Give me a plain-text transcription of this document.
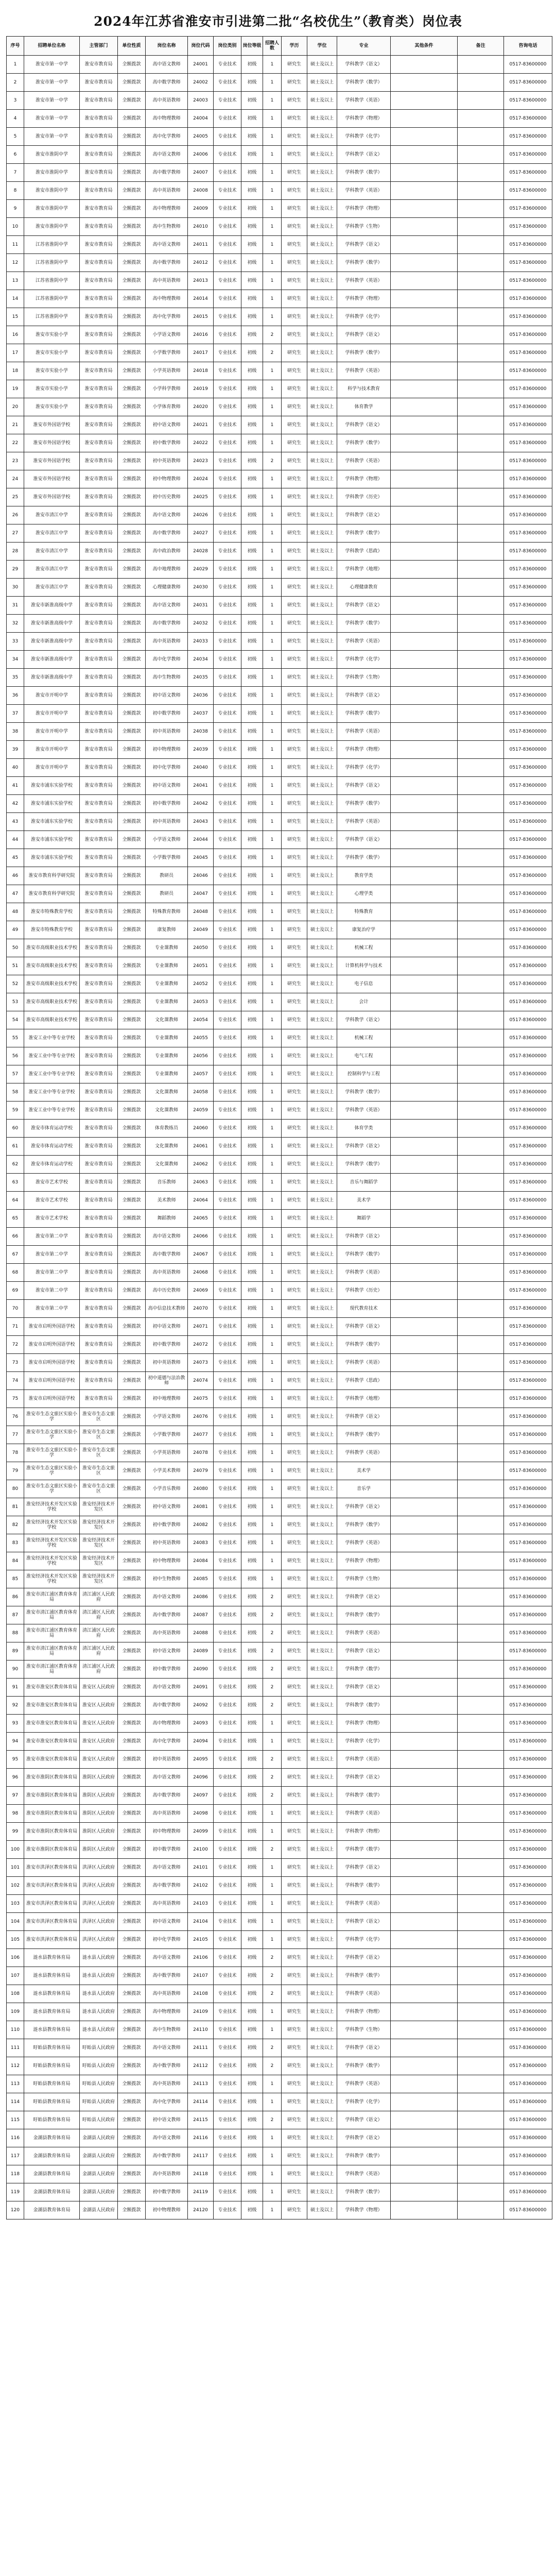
2024年江苏省淮安市引进第二批“名校优生”（教育类）岗位表
序号	招聘单位名称	主管部门	单位性质	岗位名称	岗位代码	岗位类别	岗位等级	招聘人数	学历	学位	专业	其他条件	备注	咨询电话
1	淮安市第一中学	淮安市教育局	全额拨款	高中语文教师	24001	专业技术	初级	1	研究生	硕士及以上	学科教学（语文）			0517-83600000
2	淮安市第一中学	淮安市教育局	全额拨款	高中数学教师	24002	专业技术	初级	1	研究生	硕士及以上	学科教学（数学）			0517-83600000
3	淮安市第一中学	淮安市教育局	全额拨款	高中英语教师	24003	专业技术	初级	1	研究生	硕士及以上	学科教学（英语）			0517-83600000
4	淮安市第一中学	淮安市教育局	全额拨款	高中物理教师	24004	专业技术	初级	1	研究生	硕士及以上	学科教学（物理）			0517-83600000
5	淮安市第一中学	淮安市教育局	全额拨款	高中化学教师	24005	专业技术	初级	1	研究生	硕士及以上	学科教学（化学）			0517-83600000
6	淮安市淮阴中学	淮安市教育局	全额拨款	高中语文教师	24006	专业技术	初级	1	研究生	硕士及以上	学科教学（语文）			0517-83600000
7	淮安市淮阴中学	淮安市教育局	全额拨款	高中数学教师	24007	专业技术	初级	1	研究生	硕士及以上	学科教学（数学）			0517-83600000
8	淮安市淮阴中学	淮安市教育局	全额拨款	高中英语教师	24008	专业技术	初级	1	研究生	硕士及以上	学科教学（英语）			0517-83600000
9	淮安市淮阴中学	淮安市教育局	全额拨款	高中物理教师	24009	专业技术	初级	1	研究生	硕士及以上	学科教学（物理）			0517-83600000
10	淮安市淮阴中学	淮安市教育局	全额拨款	高中生物教师	24010	专业技术	初级	1	研究生	硕士及以上	学科教学（生物）			0517-83600000
11	江苏省淮阴中学	淮安市教育局	全额拨款	高中语文教师	24011	专业技术	初级	1	研究生	硕士及以上	学科教学（语文）			0517-83600000
12	江苏省淮阴中学	淮安市教育局	全额拨款	高中数学教师	24012	专业技术	初级	1	研究生	硕士及以上	学科教学（数学）			0517-83600000
13	江苏省淮阴中学	淮安市教育局	全额拨款	高中英语教师	24013	专业技术	初级	1	研究生	硕士及以上	学科教学（英语）			0517-83600000
14	江苏省淮阴中学	淮安市教育局	全额拨款	高中物理教师	24014	专业技术	初级	1	研究生	硕士及以上	学科教学（物理）			0517-83600000
15	江苏省淮阴中学	淮安市教育局	全额拨款	高中化学教师	24015	专业技术	初级	1	研究生	硕士及以上	学科教学（化学）			0517-83600000
16	淮安市实验小学	淮安市教育局	全额拨款	小学语文教师	24016	专业技术	初级	2	研究生	硕士及以上	学科教学（语文）			0517-83600000
17	淮安市实验小学	淮安市教育局	全额拨款	小学数学教师	24017	专业技术	初级	2	研究生	硕士及以上	学科教学（数学）			0517-83600000
18	淮安市实验小学	淮安市教育局	全额拨款	小学英语教师	24018	专业技术	初级	1	研究生	硕士及以上	学科教学（英语）			0517-83600000
19	淮安市实验小学	淮安市教育局	全额拨款	小学科学教师	24019	专业技术	初级	1	研究生	硕士及以上	科学与技术教育			0517-83600000
20	淮安市实验小学	淮安市教育局	全额拨款	小学体育教师	24020	专业技术	初级	1	研究生	硕士及以上	体育教学			0517-83600000
21	淮安市外国语学校	淮安市教育局	全额拨款	初中语文教师	24021	专业技术	初级	1	研究生	硕士及以上	学科教学（语文）			0517-83600000
22	淮安市外国语学校	淮安市教育局	全额拨款	初中数学教师	24022	专业技术	初级	1	研究生	硕士及以上	学科教学（数学）			0517-83600000
23	淮安市外国语学校	淮安市教育局	全额拨款	初中英语教师	24023	专业技术	初级	2	研究生	硕士及以上	学科教学（英语）			0517-83600000
24	淮安市外国语学校	淮安市教育局	全额拨款	初中物理教师	24024	专业技术	初级	1	研究生	硕士及以上	学科教学（物理）			0517-83600000
25	淮安市外国语学校	淮安市教育局	全额拨款	初中历史教师	24025	专业技术	初级	1	研究生	硕士及以上	学科教学（历史）			0517-83600000
26	淮安市清江中学	淮安市教育局	全额拨款	高中语文教师	24026	专业技术	初级	1	研究生	硕士及以上	学科教学（语文）			0517-83600000
27	淮安市清江中学	淮安市教育局	全额拨款	高中数学教师	24027	专业技术	初级	1	研究生	硕士及以上	学科教学（数学）			0517-83600000
28	淮安市清江中学	淮安市教育局	全额拨款	高中政治教师	24028	专业技术	初级	1	研究生	硕士及以上	学科教学（思政）			0517-83600000
29	淮安市清江中学	淮安市教育局	全额拨款	高中地理教师	24029	专业技术	初级	1	研究生	硕士及以上	学科教学（地理）			0517-83600000
30	淮安市清江中学	淮安市教育局	全额拨款	心理健康教师	24030	专业技术	初级	1	研究生	硕士及以上	心理健康教育			0517-83600000
31	淮安市新淮高级中学	淮安市教育局	全额拨款	高中语文教师	24031	专业技术	初级	1	研究生	硕士及以上	学科教学（语文）			0517-83600000
32	淮安市新淮高级中学	淮安市教育局	全额拨款	高中数学教师	24032	专业技术	初级	1	研究生	硕士及以上	学科教学（数学）			0517-83600000
33	淮安市新淮高级中学	淮安市教育局	全额拨款	高中英语教师	24033	专业技术	初级	1	研究生	硕士及以上	学科教学（英语）			0517-83600000
34	淮安市新淮高级中学	淮安市教育局	全额拨款	高中化学教师	24034	专业技术	初级	1	研究生	硕士及以上	学科教学（化学）			0517-83600000
35	淮安市新淮高级中学	淮安市教育局	全额拨款	高中生物教师	24035	专业技术	初级	1	研究生	硕士及以上	学科教学（生物）			0517-83600000
36	淮安市开明中学	淮安市教育局	全额拨款	初中语文教师	24036	专业技术	初级	1	研究生	硕士及以上	学科教学（语文）			0517-83600000
37	淮安市开明中学	淮安市教育局	全额拨款	初中数学教师	24037	专业技术	初级	1	研究生	硕士及以上	学科教学（数学）			0517-83600000
38	淮安市开明中学	淮安市教育局	全额拨款	初中英语教师	24038	专业技术	初级	1	研究生	硕士及以上	学科教学（英语）			0517-83600000
39	淮安市开明中学	淮安市教育局	全额拨款	初中物理教师	24039	专业技术	初级	1	研究生	硕士及以上	学科教学（物理）			0517-83600000
40	淮安市开明中学	淮安市教育局	全额拨款	初中化学教师	24040	专业技术	初级	1	研究生	硕士及以上	学科教学（化学）			0517-83600000
41	淮安市浦东实验学校	淮安市教育局	全额拨款	初中语文教师	24041	专业技术	初级	1	研究生	硕士及以上	学科教学（语文）			0517-83600000
42	淮安市浦东实验学校	淮安市教育局	全额拨款	初中数学教师	24042	专业技术	初级	1	研究生	硕士及以上	学科教学（数学）			0517-83600000
43	淮安市浦东实验学校	淮安市教育局	全额拨款	初中英语教师	24043	专业技术	初级	1	研究生	硕士及以上	学科教学（英语）			0517-83600000
44	淮安市浦东实验学校	淮安市教育局	全额拨款	小学语文教师	24044	专业技术	初级	1	研究生	硕士及以上	学科教学（语文）			0517-83600000
45	淮安市浦东实验学校	淮安市教育局	全额拨款	小学数学教师	24045	专业技术	初级	1	研究生	硕士及以上	学科教学（数学）			0517-83600000
46	淮安市教育科学研究院	淮安市教育局	全额拨款	教研员	24046	专业技术	初级	1	研究生	硕士及以上	教育学类			0517-83600000
47	淮安市教育科学研究院	淮安市教育局	全额拨款	教研员	24047	专业技术	初级	1	研究生	硕士及以上	心理学类			0517-83600000
48	淮安市特殊教育学校	淮安市教育局	全额拨款	特殊教育教师	24048	专业技术	初级	1	研究生	硕士及以上	特殊教育			0517-83600000
49	淮安市特殊教育学校	淮安市教育局	全额拨款	康复教师	24049	专业技术	初级	1	研究生	硕士及以上	康复治疗学			0517-83600000
50	淮安市高级职业技术学校	淮安市教育局	全额拨款	专业课教师	24050	专业技术	初级	1	研究生	硕士及以上	机械工程			0517-83600000
51	淮安市高级职业技术学校	淮安市教育局	全额拨款	专业课教师	24051	专业技术	初级	1	研究生	硕士及以上	计算机科学与技术			0517-83600000
52	淮安市高级职业技术学校	淮安市教育局	全额拨款	专业课教师	24052	专业技术	初级	1	研究生	硕士及以上	电子信息			0517-83600000
53	淮安市高级职业技术学校	淮安市教育局	全额拨款	专业课教师	24053	专业技术	初级	1	研究生	硕士及以上	会计			0517-83600000
54	淮安市高级职业技术学校	淮安市教育局	全额拨款	文化课教师	24054	专业技术	初级	1	研究生	硕士及以上	学科教学（语文）			0517-83600000
55	淮安工业中等专业学校	淮安市教育局	全额拨款	专业课教师	24055	专业技术	初级	1	研究生	硕士及以上	机械工程			0517-83600000
56	淮安工业中等专业学校	淮安市教育局	全额拨款	专业课教师	24056	专业技术	初级	1	研究生	硕士及以上	电气工程			0517-83600000
57	淮安工业中等专业学校	淮安市教育局	全额拨款	专业课教师	24057	专业技术	初级	1	研究生	硕士及以上	控制科学与工程			0517-83600000
58	淮安工业中等专业学校	淮安市教育局	全额拨款	文化课教师	24058	专业技术	初级	1	研究生	硕士及以上	学科教学（数学）			0517-83600000
59	淮安工业中等专业学校	淮安市教育局	全额拨款	文化课教师	24059	专业技术	初级	1	研究生	硕士及以上	学科教学（英语）			0517-83600000
60	淮安市体育运动学校	淮安市教育局	全额拨款	体育教练员	24060	专业技术	初级	1	研究生	硕士及以上	体育学类			0517-83600000
61	淮安市体育运动学校	淮安市教育局	全额拨款	文化课教师	24061	专业技术	初级	1	研究生	硕士及以上	学科教学（语文）			0517-83600000
62	淮安市体育运动学校	淮安市教育局	全额拨款	文化课教师	24062	专业技术	初级	1	研究生	硕士及以上	学科教学（数学）			0517-83600000
63	淮安市艺术学校	淮安市教育局	全额拨款	音乐教师	24063	专业技术	初级	1	研究生	硕士及以上	音乐与舞蹈学			0517-83600000
64	淮安市艺术学校	淮安市教育局	全额拨款	美术教师	24064	专业技术	初级	1	研究生	硕士及以上	美术学			0517-83600000
65	淮安市艺术学校	淮安市教育局	全额拨款	舞蹈教师	24065	专业技术	初级	1	研究生	硕士及以上	舞蹈学			0517-83600000
66	淮安市第二中学	淮安市教育局	全额拨款	高中语文教师	24066	专业技术	初级	1	研究生	硕士及以上	学科教学（语文）			0517-83600000
67	淮安市第二中学	淮安市教育局	全额拨款	高中数学教师	24067	专业技术	初级	1	研究生	硕士及以上	学科教学（数学）			0517-83600000
68	淮安市第二中学	淮安市教育局	全额拨款	高中英语教师	24068	专业技术	初级	1	研究生	硕士及以上	学科教学（英语）			0517-83600000
69	淮安市第二中学	淮安市教育局	全额拨款	高中历史教师	24069	专业技术	初级	1	研究生	硕士及以上	学科教学（历史）			0517-83600000
70	淮安市第二中学	淮安市教育局	全额拨款	高中信息技术教师	24070	专业技术	初级	1	研究生	硕士及以上	现代教育技术			0517-83600000
71	淮安市启明外国语学校	淮安市教育局	全额拨款	初中语文教师	24071	专业技术	初级	1	研究生	硕士及以上	学科教学（语文）			0517-83600000
72	淮安市启明外国语学校	淮安市教育局	全额拨款	初中数学教师	24072	专业技术	初级	1	研究生	硕士及以上	学科教学（数学）			0517-83600000
73	淮安市启明外国语学校	淮安市教育局	全额拨款	初中英语教师	24073	专业技术	初级	1	研究生	硕士及以上	学科教学（英语）			0517-83600000
74	淮安市启明外国语学校	淮安市教育局	全额拨款	初中道德与法治教师	24074	专业技术	初级	1	研究生	硕士及以上	学科教学（思政）			0517-83600000
75	淮安市启明外国语学校	淮安市教育局	全额拨款	初中地理教师	24075	专业技术	初级	1	研究生	硕士及以上	学科教学（地理）			0517-83600000
76	淮安市生态文旅区实验小学	淮安市生态文旅区	全额拨款	小学语文教师	24076	专业技术	初级	1	研究生	硕士及以上	学科教学（语文）			0517-83600000
77	淮安市生态文旅区实验小学	淮安市生态文旅区	全额拨款	小学数学教师	24077	专业技术	初级	1	研究生	硕士及以上	学科教学（数学）			0517-83600000
78	淮安市生态文旅区实验小学	淮安市生态文旅区	全额拨款	小学英语教师	24078	专业技术	初级	1	研究生	硕士及以上	学科教学（英语）			0517-83600000
79	淮安市生态文旅区实验小学	淮安市生态文旅区	全额拨款	小学美术教师	24079	专业技术	初级	1	研究生	硕士及以上	美术学			0517-83600000
80	淮安市生态文旅区实验小学	淮安市生态文旅区	全额拨款	小学音乐教师	24080	专业技术	初级	1	研究生	硕士及以上	音乐学			0517-83600000
81	淮安经济技术开发区实验学校	淮安经济技术开发区	全额拨款	初中语文教师	24081	专业技术	初级	1	研究生	硕士及以上	学科教学（语文）			0517-83600000
82	淮安经济技术开发区实验学校	淮安经济技术开发区	全额拨款	初中数学教师	24082	专业技术	初级	1	研究生	硕士及以上	学科教学（数学）			0517-83600000
83	淮安经济技术开发区实验学校	淮安经济技术开发区	全额拨款	初中英语教师	24083	专业技术	初级	1	研究生	硕士及以上	学科教学（英语）			0517-83600000
84	淮安经济技术开发区实验学校	淮安经济技术开发区	全额拨款	初中物理教师	24084	专业技术	初级	1	研究生	硕士及以上	学科教学（物理）			0517-83600000
85	淮安经济技术开发区实验学校	淮安经济技术开发区	全额拨款	初中生物教师	24085	专业技术	初级	1	研究生	硕士及以上	学科教学（生物）			0517-83600000
86	淮安市清江浦区教育体育局	清江浦区人民政府	全额拨款	高中语文教师	24086	专业技术	初级	2	研究生	硕士及以上	学科教学（语文）			0517-83600000
87	淮安市清江浦区教育体育局	清江浦区人民政府	全额拨款	高中数学教师	24087	专业技术	初级	2	研究生	硕士及以上	学科教学（数学）			0517-83600000
88	淮安市清江浦区教育体育局	清江浦区人民政府	全额拨款	高中英语教师	24088	专业技术	初级	2	研究生	硕士及以上	学科教学（英语）			0517-83600000
89	淮安市清江浦区教育体育局	清江浦区人民政府	全额拨款	初中语文教师	24089	专业技术	初级	2	研究生	硕士及以上	学科教学（语文）			0517-83600000
90	淮安市清江浦区教育体育局	清江浦区人民政府	全额拨款	初中数学教师	24090	专业技术	初级	2	研究生	硕士及以上	学科教学（数学）			0517-83600000
91	淮安市淮安区教育体育局	淮安区人民政府	全额拨款	高中语文教师	24091	专业技术	初级	2	研究生	硕士及以上	学科教学（语文）			0517-83600000
92	淮安市淮安区教育体育局	淮安区人民政府	全额拨款	高中数学教师	24092	专业技术	初级	2	研究生	硕士及以上	学科教学（数学）			0517-83600000
93	淮安市淮安区教育体育局	淮安区人民政府	全额拨款	高中物理教师	24093	专业技术	初级	1	研究生	硕士及以上	学科教学（物理）			0517-83600000
94	淮安市淮安区教育体育局	淮安区人民政府	全额拨款	高中化学教师	24094	专业技术	初级	1	研究生	硕士及以上	学科教学（化学）			0517-83600000
95	淮安市淮安区教育体育局	淮安区人民政府	全额拨款	初中英语教师	24095	专业技术	初级	2	研究生	硕士及以上	学科教学（英语）			0517-83600000
96	淮安市淮阴区教育体育局	淮阴区人民政府	全额拨款	高中语文教师	24096	专业技术	初级	2	研究生	硕士及以上	学科教学（语文）			0517-83600000
97	淮安市淮阴区教育体育局	淮阴区人民政府	全额拨款	高中数学教师	24097	专业技术	初级	2	研究生	硕士及以上	学科教学（数学）			0517-83600000
98	淮安市淮阴区教育体育局	淮阴区人民政府	全额拨款	高中英语教师	24098	专业技术	初级	1	研究生	硕士及以上	学科教学（英语）			0517-83600000
99	淮安市淮阴区教育体育局	淮阴区人民政府	全额拨款	初中物理教师	24099	专业技术	初级	1	研究生	硕士及以上	学科教学（物理）			0517-83600000
100	淮安市淮阴区教育体育局	淮阴区人民政府	全额拨款	初中数学教师	24100	专业技术	初级	2	研究生	硕士及以上	学科教学（数学）			0517-83600000
101	淮安市洪泽区教育体育局	洪泽区人民政府	全额拨款	高中语文教师	24101	专业技术	初级	1	研究生	硕士及以上	学科教学（语文）			0517-83600000
102	淮安市洪泽区教育体育局	洪泽区人民政府	全额拨款	高中数学教师	24102	专业技术	初级	1	研究生	硕士及以上	学科教学（数学）			0517-83600000
103	淮安市洪泽区教育体育局	洪泽区人民政府	全额拨款	高中英语教师	24103	专业技术	初级	1	研究生	硕士及以上	学科教学（英语）			0517-83600000
104	淮安市洪泽区教育体育局	洪泽区人民政府	全额拨款	初中语文教师	24104	专业技术	初级	1	研究生	硕士及以上	学科教学（语文）			0517-83600000
105	淮安市洪泽区教育体育局	洪泽区人民政府	全额拨款	初中化学教师	24105	专业技术	初级	1	研究生	硕士及以上	学科教学（化学）			0517-83600000
106	涟水县教育体育局	涟水县人民政府	全额拨款	高中语文教师	24106	专业技术	初级	2	研究生	硕士及以上	学科教学（语文）			0517-83600000
107	涟水县教育体育局	涟水县人民政府	全额拨款	高中数学教师	24107	专业技术	初级	2	研究生	硕士及以上	学科教学（数学）			0517-83600000
108	涟水县教育体育局	涟水县人民政府	全额拨款	高中英语教师	24108	专业技术	初级	2	研究生	硕士及以上	学科教学（英语）			0517-83600000
109	涟水县教育体育局	涟水县人民政府	全额拨款	高中物理教师	24109	专业技术	初级	1	研究生	硕士及以上	学科教学（物理）			0517-83600000
110	涟水县教育体育局	涟水县人民政府	全额拨款	高中生物教师	24110	专业技术	初级	1	研究生	硕士及以上	学科教学（生物）			0517-83600000
111	盱眙县教育体育局	盱眙县人民政府	全额拨款	高中语文教师	24111	专业技术	初级	2	研究生	硕士及以上	学科教学（语文）			0517-83600000
112	盱眙县教育体育局	盱眙县人民政府	全额拨款	高中数学教师	24112	专业技术	初级	2	研究生	硕士及以上	学科教学（数学）			0517-83600000
113	盱眙县教育体育局	盱眙县人民政府	全额拨款	高中英语教师	24113	专业技术	初级	1	研究生	硕士及以上	学科教学（英语）			0517-83600000
114	盱眙县教育体育局	盱眙县人民政府	全额拨款	高中化学教师	24114	专业技术	初级	1	研究生	硕士及以上	学科教学（化学）			0517-83600000
115	盱眙县教育体育局	盱眙县人民政府	全额拨款	初中语文教师	24115	专业技术	初级	2	研究生	硕士及以上	学科教学（语文）			0517-83600000
116	金湖县教育体育局	金湖县人民政府	全额拨款	高中语文教师	24116	专业技术	初级	1	研究生	硕士及以上	学科教学（语文）			0517-83600000
117	金湖县教育体育局	金湖县人民政府	全额拨款	高中数学教师	24117	专业技术	初级	1	研究生	硕士及以上	学科教学（数学）			0517-83600000
118	金湖县教育体育局	金湖县人民政府	全额拨款	高中英语教师	24118	专业技术	初级	1	研究生	硕士及以上	学科教学（英语）			0517-83600000
119	金湖县教育体育局	金湖县人民政府	全额拨款	初中数学教师	24119	专业技术	初级	1	研究生	硕士及以上	学科教学（数学）			0517-83600000
120	金湖县教育体育局	金湖县人民政府	全额拨款	初中物理教师	24120	专业技术	初级	1	研究生	硕士及以上	学科教学（物理）			0517-83600000
